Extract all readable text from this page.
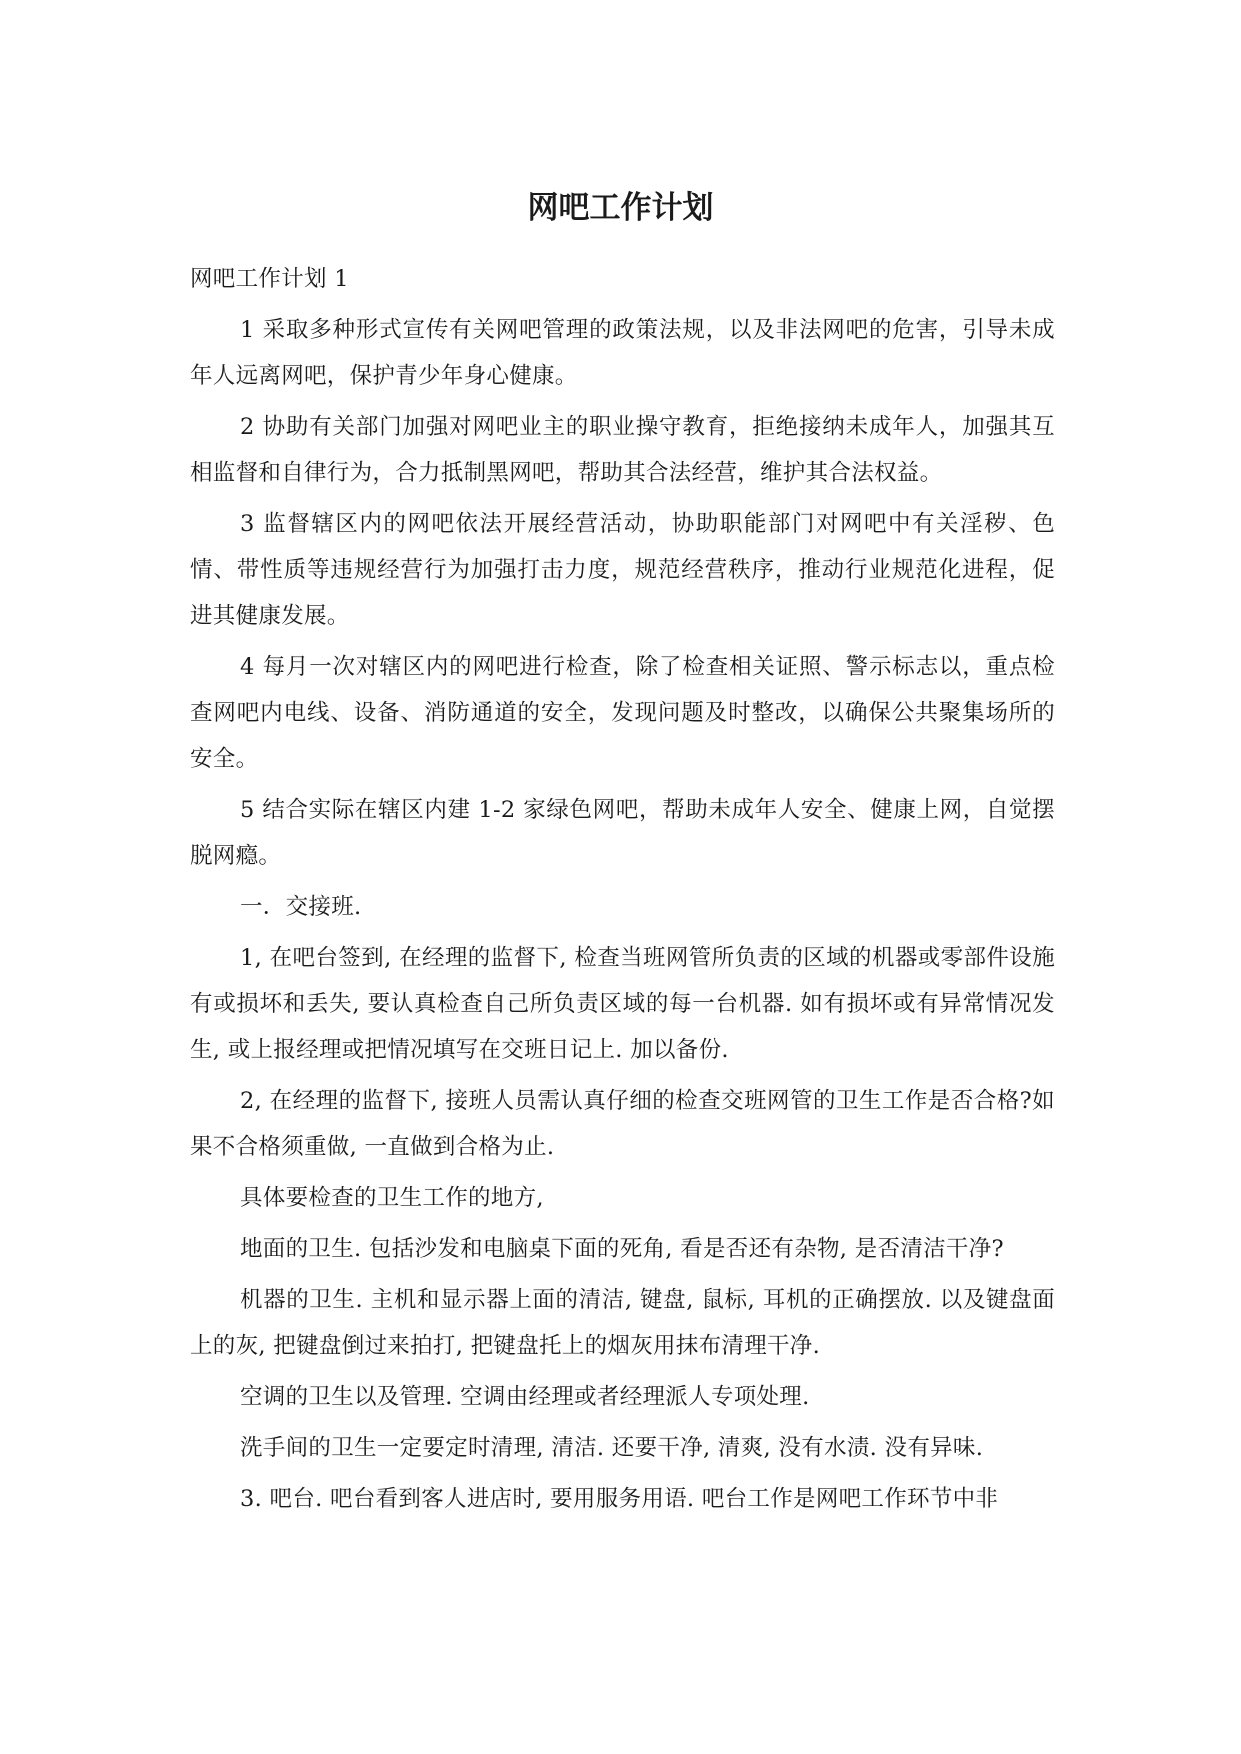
网吧工作计划

网吧工作计划 1

1 采取多种形式宣传有关网吧管理的政策法规，以及非法网吧的危害，引导未成年人远离网吧，保护青少年身心健康。

2 协助有关部门加强对网吧业主的职业操守教育，拒绝接纳未成年人，加强其互相监督和自律行为，合力抵制黑网吧，帮助其合法经营，维护其合法权益。

3 监督辖区内的网吧依法开展经营活动，协助职能部门对网吧中有关淫秽、色情、带性质等违规经营行为加强打击力度，规范经营秩序，推动行业规范化进程，促进其健康发展。

4 每月一次对辖区内的网吧进行检查，除了检查相关证照、警示标志以，重点检查网吧内电线、设备、消防通道的安全，发现问题及时整改，以确保公共聚集场所的安全。

5 结合实际在辖区内建 1-2 家绿色网吧，帮助未成年人安全、健康上网，自觉摆脱网瘾。

一．交接班.

1, 在吧台签到, 在经理的监督下, 检查当班网管所负责的区域的机器或零部件设施有或损坏和丢失, 要认真检查自己所负责区域的每一台机器. 如有损坏或有异常情况发生, 或上报经理或把情况填写在交班日记上. 加以备份.

2, 在经理的监督下, 接班人员需认真仔细的检查交班网管的卫生工作是否合格?如果不合格须重做, 一直做到合格为止.

具体要检查的卫生工作的地方,

地面的卫生. 包括沙发和电脑桌下面的死角, 看是否还有杂物, 是否清洁干净?

机器的卫生. 主机和显示器上面的清洁, 键盘, 鼠标, 耳机的正确摆放. 以及键盘面上的灰, 把键盘倒过来拍打, 把键盘托上的烟灰用抹布清理干净.

空调的卫生以及管理. 空调由经理或者经理派人专项处理.

洗手间的卫生一定要定时清理, 清洁. 还要干净, 清爽, 没有水渍. 没有异味.

3. 吧台. 吧台看到客人进店时, 要用服务用语. 吧台工作是网吧工作环节中非
